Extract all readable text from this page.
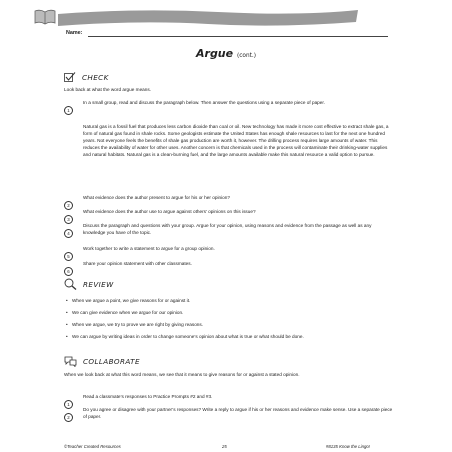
Name:
Argue (cont.)
CHECK
Look back at what the word argue means.
1
In a small group, read and discuss the paragraph below. Then answer the questions using a separate piece of paper.
Natural gas is a fossil fuel that produces less carbon dioxide than coal or oil. New technology has made it more cost effective to extract shale gas, a form of natural gas found in shale rocks. Some geologists estimate the United States has enough shale resources to last for the next one hundred years. Not everyone feels the benefits of shale gas production are worth it, however. The drilling process requires large amounts of water. This reduces the availability of water for other uses. Another concern is that chemicals used in the process will contaminate their drinking-water supplies and natural habitats. Natural gas is a clean-burning fuel, and the large amounts available make this natural resource a valid option to pursue.
2
What evidence does the author present to argue for his or her opinion?
3
What evidence does the author use to argue against others’ opinions on this issue?
4
Discuss the paragraph and questions with your group. Argue for your opinion, using reasons and evidence from the passage as well as any knowledge you have of the topic.
5
Work together to write a statement to argue for a group opinion.
6
Share your opinion statement with other classmates.
REVIEW
• When we argue a point, we give reasons for or against it.
• We can give evidence when we argue for our opinion.
• When we argue, we try to prove we are right by giving reasons.
• We can argue by writing ideas in order to change someone’s opinion about what is true or what should be done.
COLLABORATE
When we look back at what this word means, we see that it means to give reasons for or against a stated opinion.
1
Read a classmate’s responses to Practice Prompts #2 and #3.
2
Do you agree or disagree with your partner’s responses? Write a reply to argue if his or her reasons and evidence make sense. Use a separate piece of paper.
©Teacher Created Resources	25	#8135 Know the Lingo!
